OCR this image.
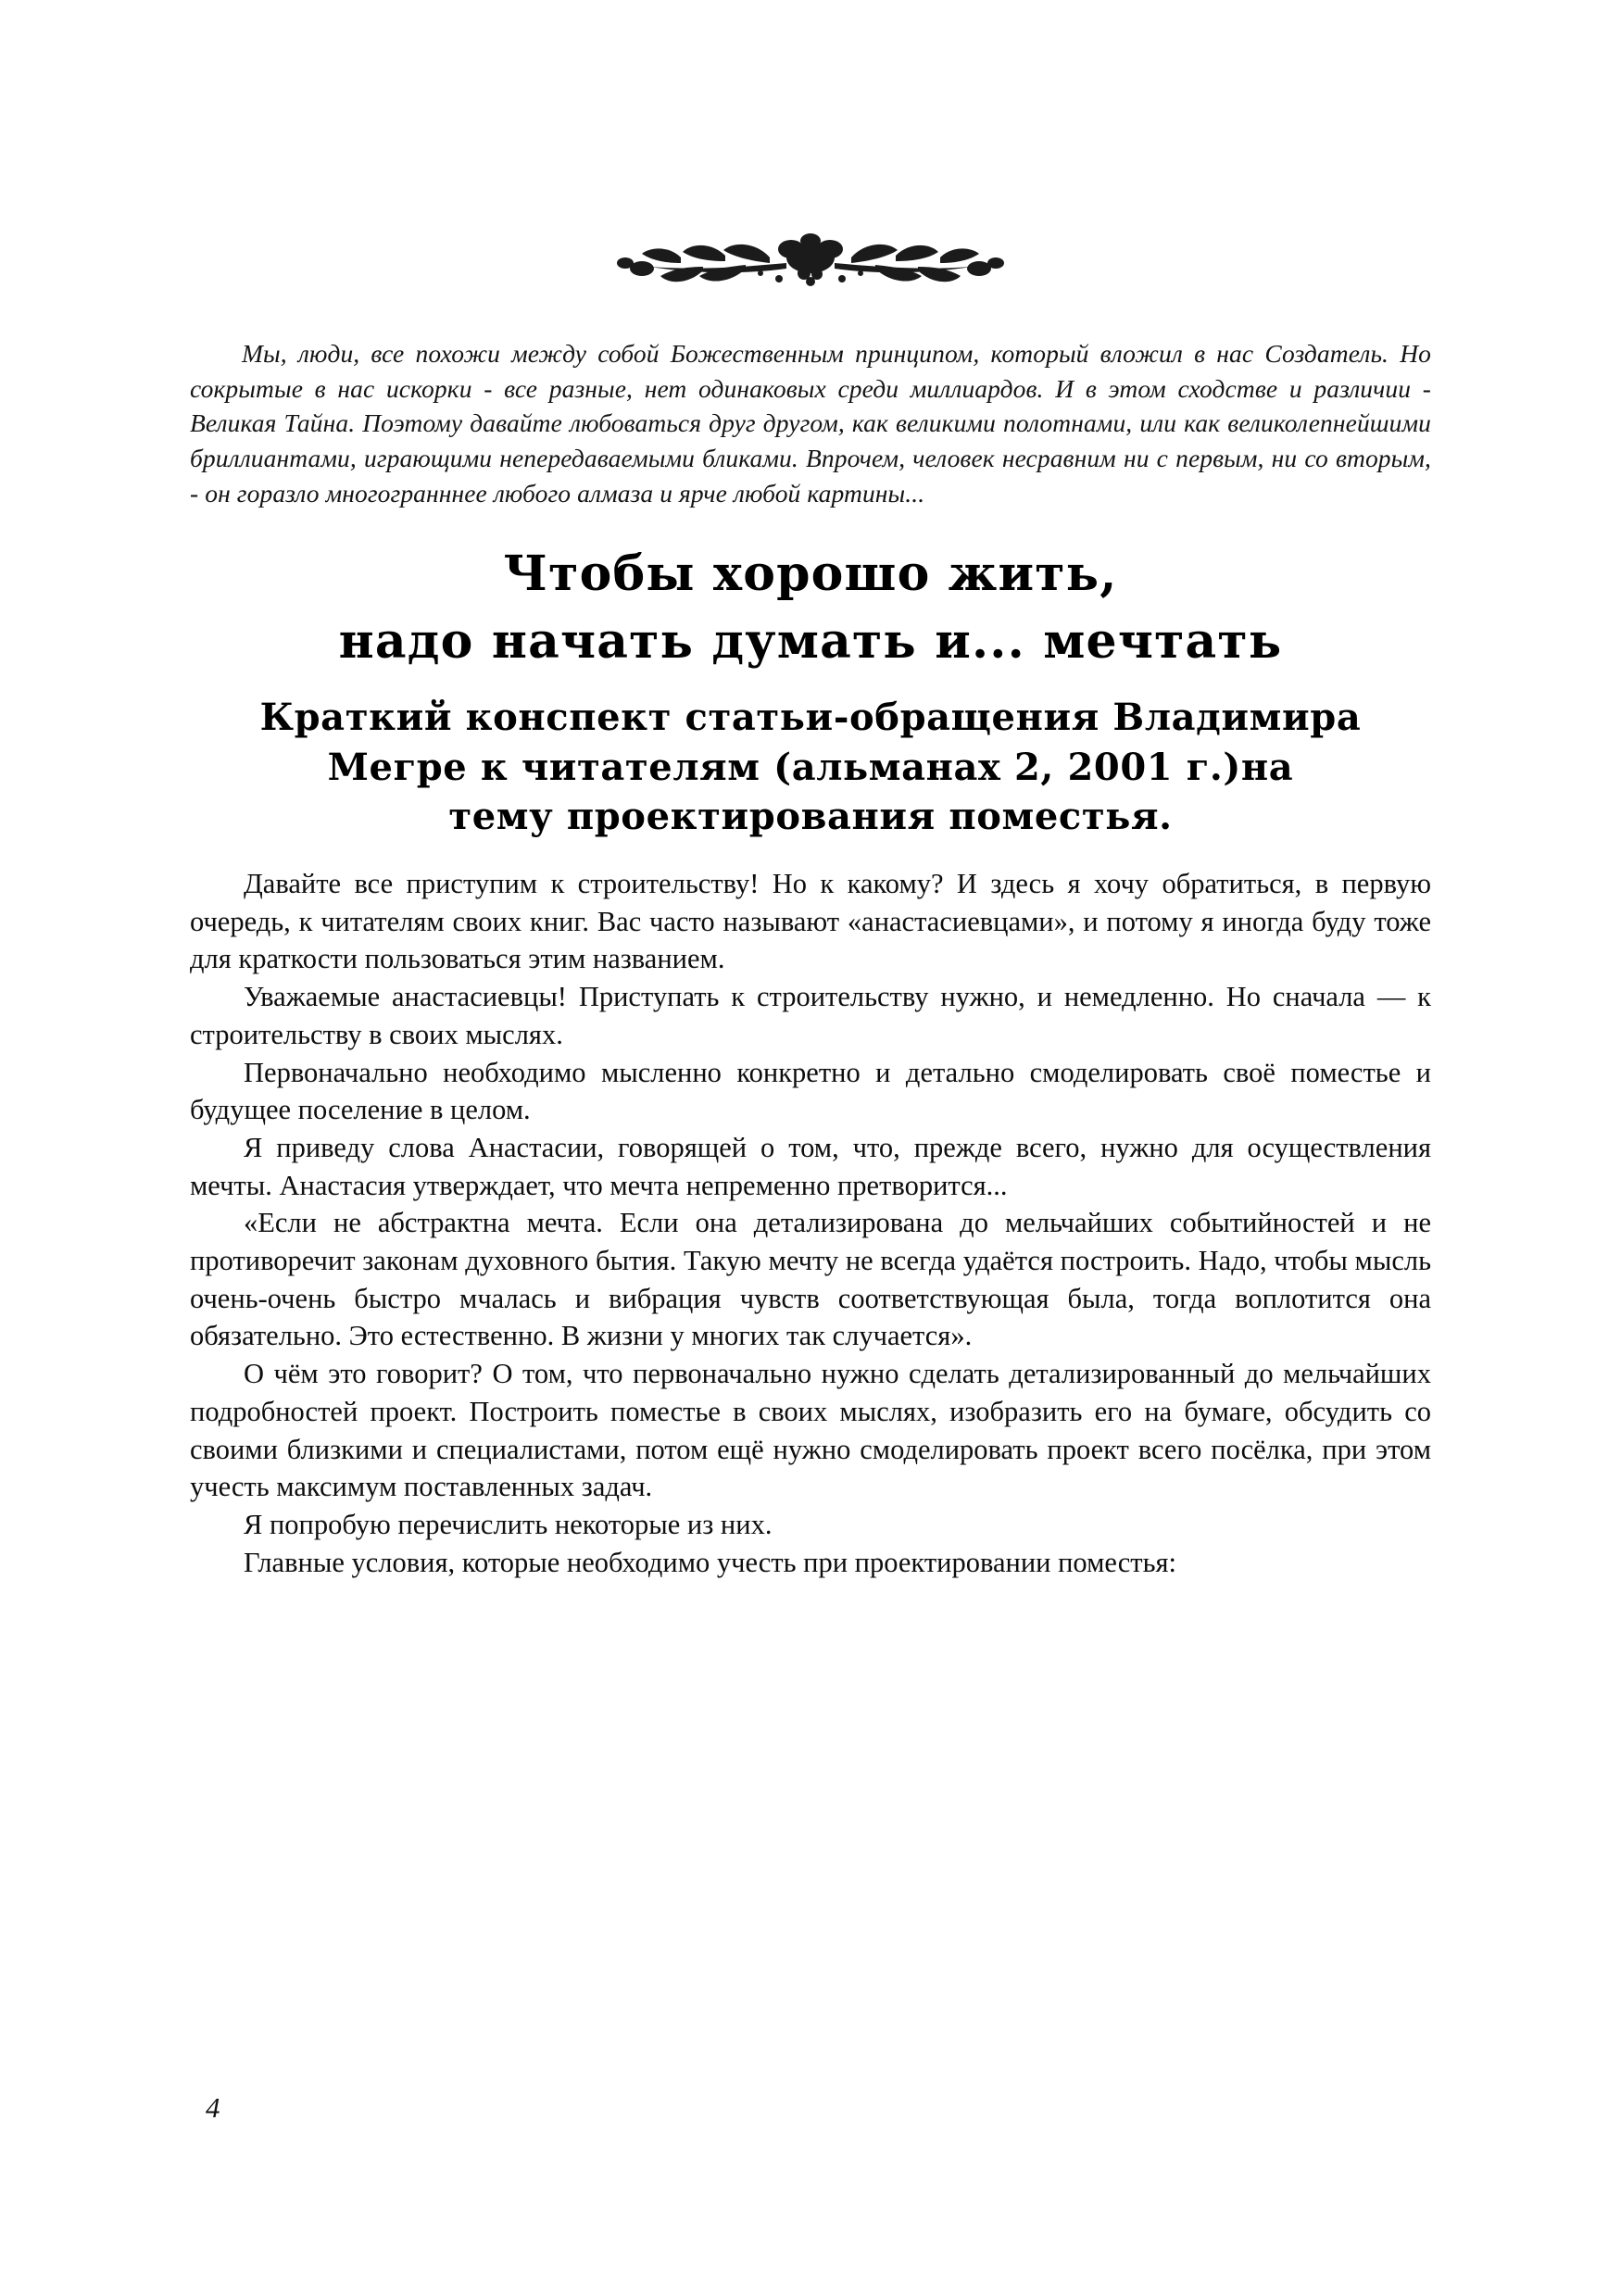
Мы, люди, все похожи между собой Божественным принципом, который вложил в нас Создатель. Но сокрытые в нас искорки - все разные, нет одинаковых среди миллиардов. И в этом сходстве и различии - Великая Тайна. Поэтому давайте любоваться друг другом, как великими полотнами, или как великолепнейшими бриллиантами, играющими непередаваемыми бликами. Впрочем, человек несравним ни с первым, ни со вторым, - он горазло многогранннее любого алмаза и ярче любой картины...

Чтобы хорошо жить,
надо начать думать и... мечтать
Краткий конспект статьи-обращения Владимира
Мегре к читателям (альманах 2, 2001 г.)на
тему проектирования поместья.

Давайте все приступим к строительству! Но к какому? И здесь я хочу обратиться, в первую очередь, к читателям своих книг. Вас часто называют «анастасиевцами», и потому я иногда буду тоже для краткости пользоваться этим названием.

Уважаемые анастасиевцы! Приступать к строительству нужно, и немедленно. Но сначала — к строительству в своих мыслях.

Первоначально необходимо мысленно конкретно и детально смоделировать своё поместье и будущее поселение в целом.

Я приведу слова Анастасии, говорящей о том, что, прежде всего, нужно для осуществления мечты. Анастасия утверждает, что мечта непременно претворится...

«Если не абстрактна мечта. Если она детализирована до мельчайших событийностей и не противоречит законам духовного бытия. Такую мечту не всегда удаётся построить. Надо, чтобы мысль очень-очень быстро мчалась и вибрация чувств соответствующая была, тогда воплотится она обязательно. Это естественно. В жизни у многих так случается».

О чём это говорит? О том, что первоначально нужно сделать детализированный до мельчайших подробностей проект. Построить поместье в своих мыслях, изобразить его на бумаге, обсудить со своими близкими и специалистами, потом ещё нужно смоделировать проект всего посёлка, при этом учесть максимум поставленных задач.

Я попробую перечислить некоторые из них.

Главные условия, которые необходимо учесть при проектировании поместья:

4
